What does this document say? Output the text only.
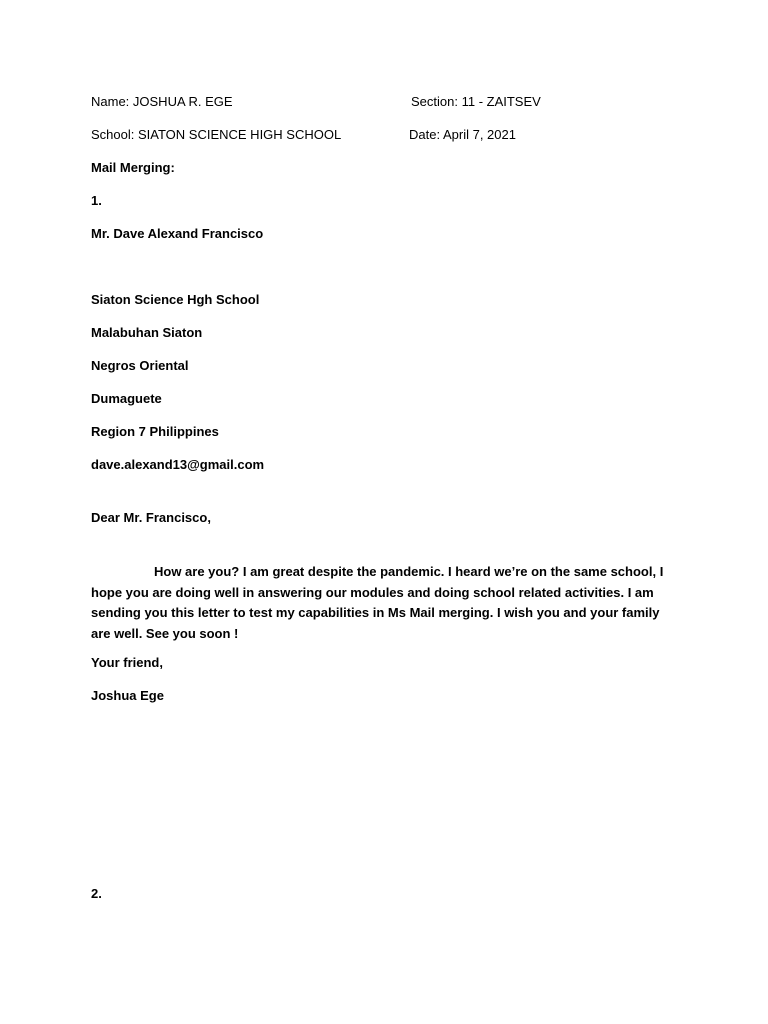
Name: JOSHUA R. EGE	Section: 11 - ZAITSEV
School: SIATON SCIENCE HIGH SCHOOL	Date: April 7, 2021
Mail Merging:
1.
Mr. Dave Alexand Francisco
Siaton Science Hgh School
Malabuhan Siaton
Negros Oriental
Dumaguete
Region 7 Philippines
dave.alexand13@gmail.com
Dear Mr. Francisco,
How are you? I am great despite the pandemic. I heard we’re on the same school, I hope you are doing well in answering our modules and doing school related activities. I am sending you this letter to test my capabilities in Ms Mail merging. I wish you and your family are well. See you soon !
Your friend,
Joshua Ege
2.
